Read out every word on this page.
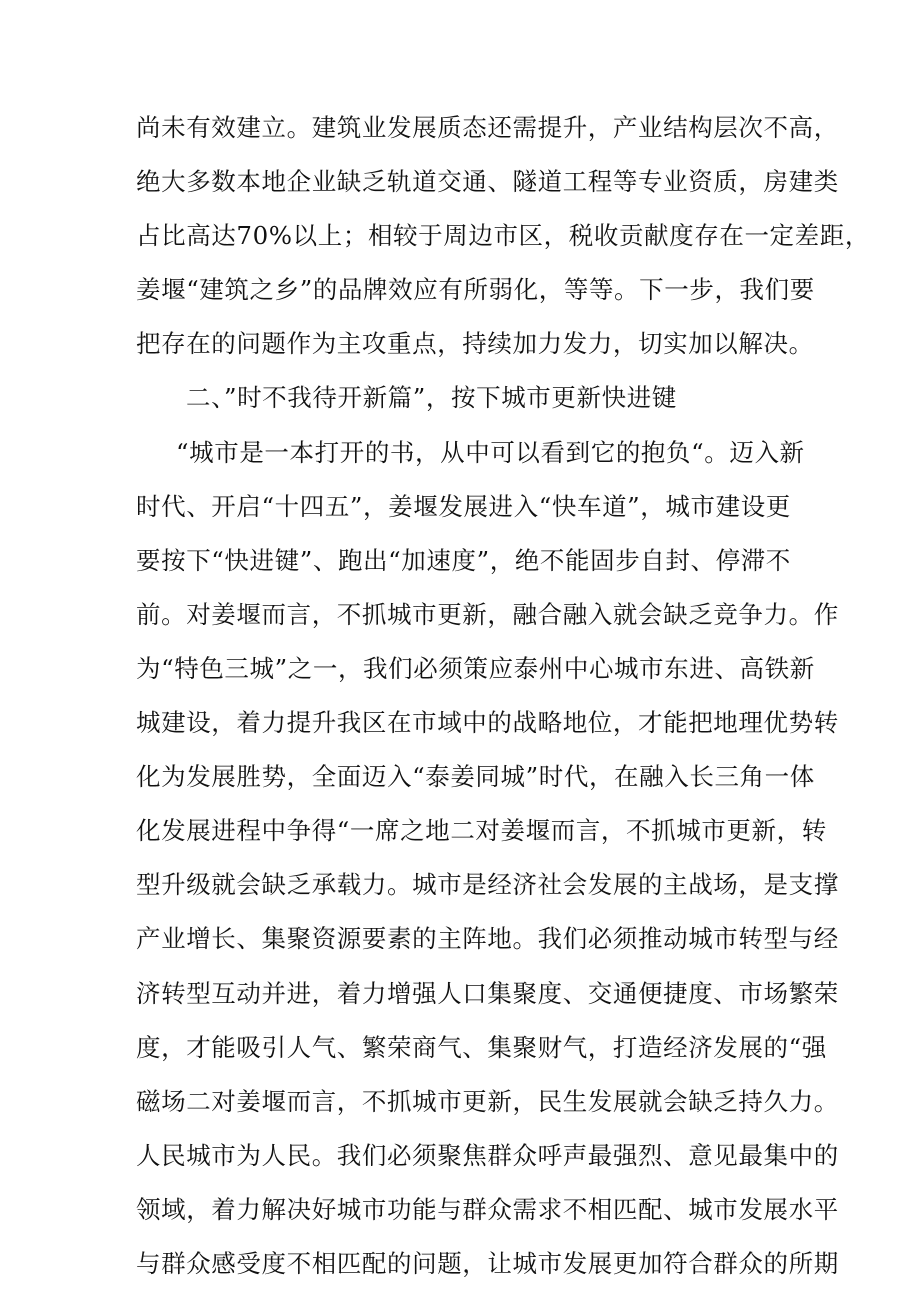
尚未有效建立。建筑业发展质态还需提升，产业结构层次不高，
绝大多数本地企业缺乏轨道交通、隧道工程等专业资质，房建类
占比高达70%以上；相较于周边市区，税收贡献度存在一定差距，
姜堰“建筑之乡”的品牌效应有所弱化，等等。下一步，我们要
把存在的问题作为主攻重点，持续加力发力，切实加以解决。
二、”时不我待开新篇”，按下城市更新快进键
“城市是一本打开的书，从中可以看到它的抱负“。迈入新
时代、开启“十四五”，姜堰发展进入“快车道”，城市建设更
要按下“快进键”、跑出“加速度”，绝不能固步自封、停滞不
前。对姜堰而言，不抓城市更新，融合融入就会缺乏竞争力。作
为“特色三城”之一，我们必须策应泰州中心城市东进、高铁新
城建设，着力提升我区在市域中的战略地位，才能把地理优势转
化为发展胜势，全面迈入“泰姜同城”时代，在融入长三角一体
化发展进程中争得“一席之地二对姜堰而言，不抓城市更新，转
型升级就会缺乏承载力。城市是经济社会发展的主战场，是支撑
产业增长、集聚资源要素的主阵地。我们必须推动城市转型与经
济转型互动并进，着力增强人口集聚度、交通便捷度、市场繁荣
度，才能吸引人气、繁荣商气、集聚财气，打造经济发展的“强
磁场二对姜堰而言，不抓城市更新，民生发展就会缺乏持久力。
人民城市为人民。我们必须聚焦群众呼声最强烈、意见最集中的
领域，着力解决好城市功能与群众需求不相匹配、城市发展水平
与群众感受度不相匹配的问题，让城市发展更加符合群众的所期
